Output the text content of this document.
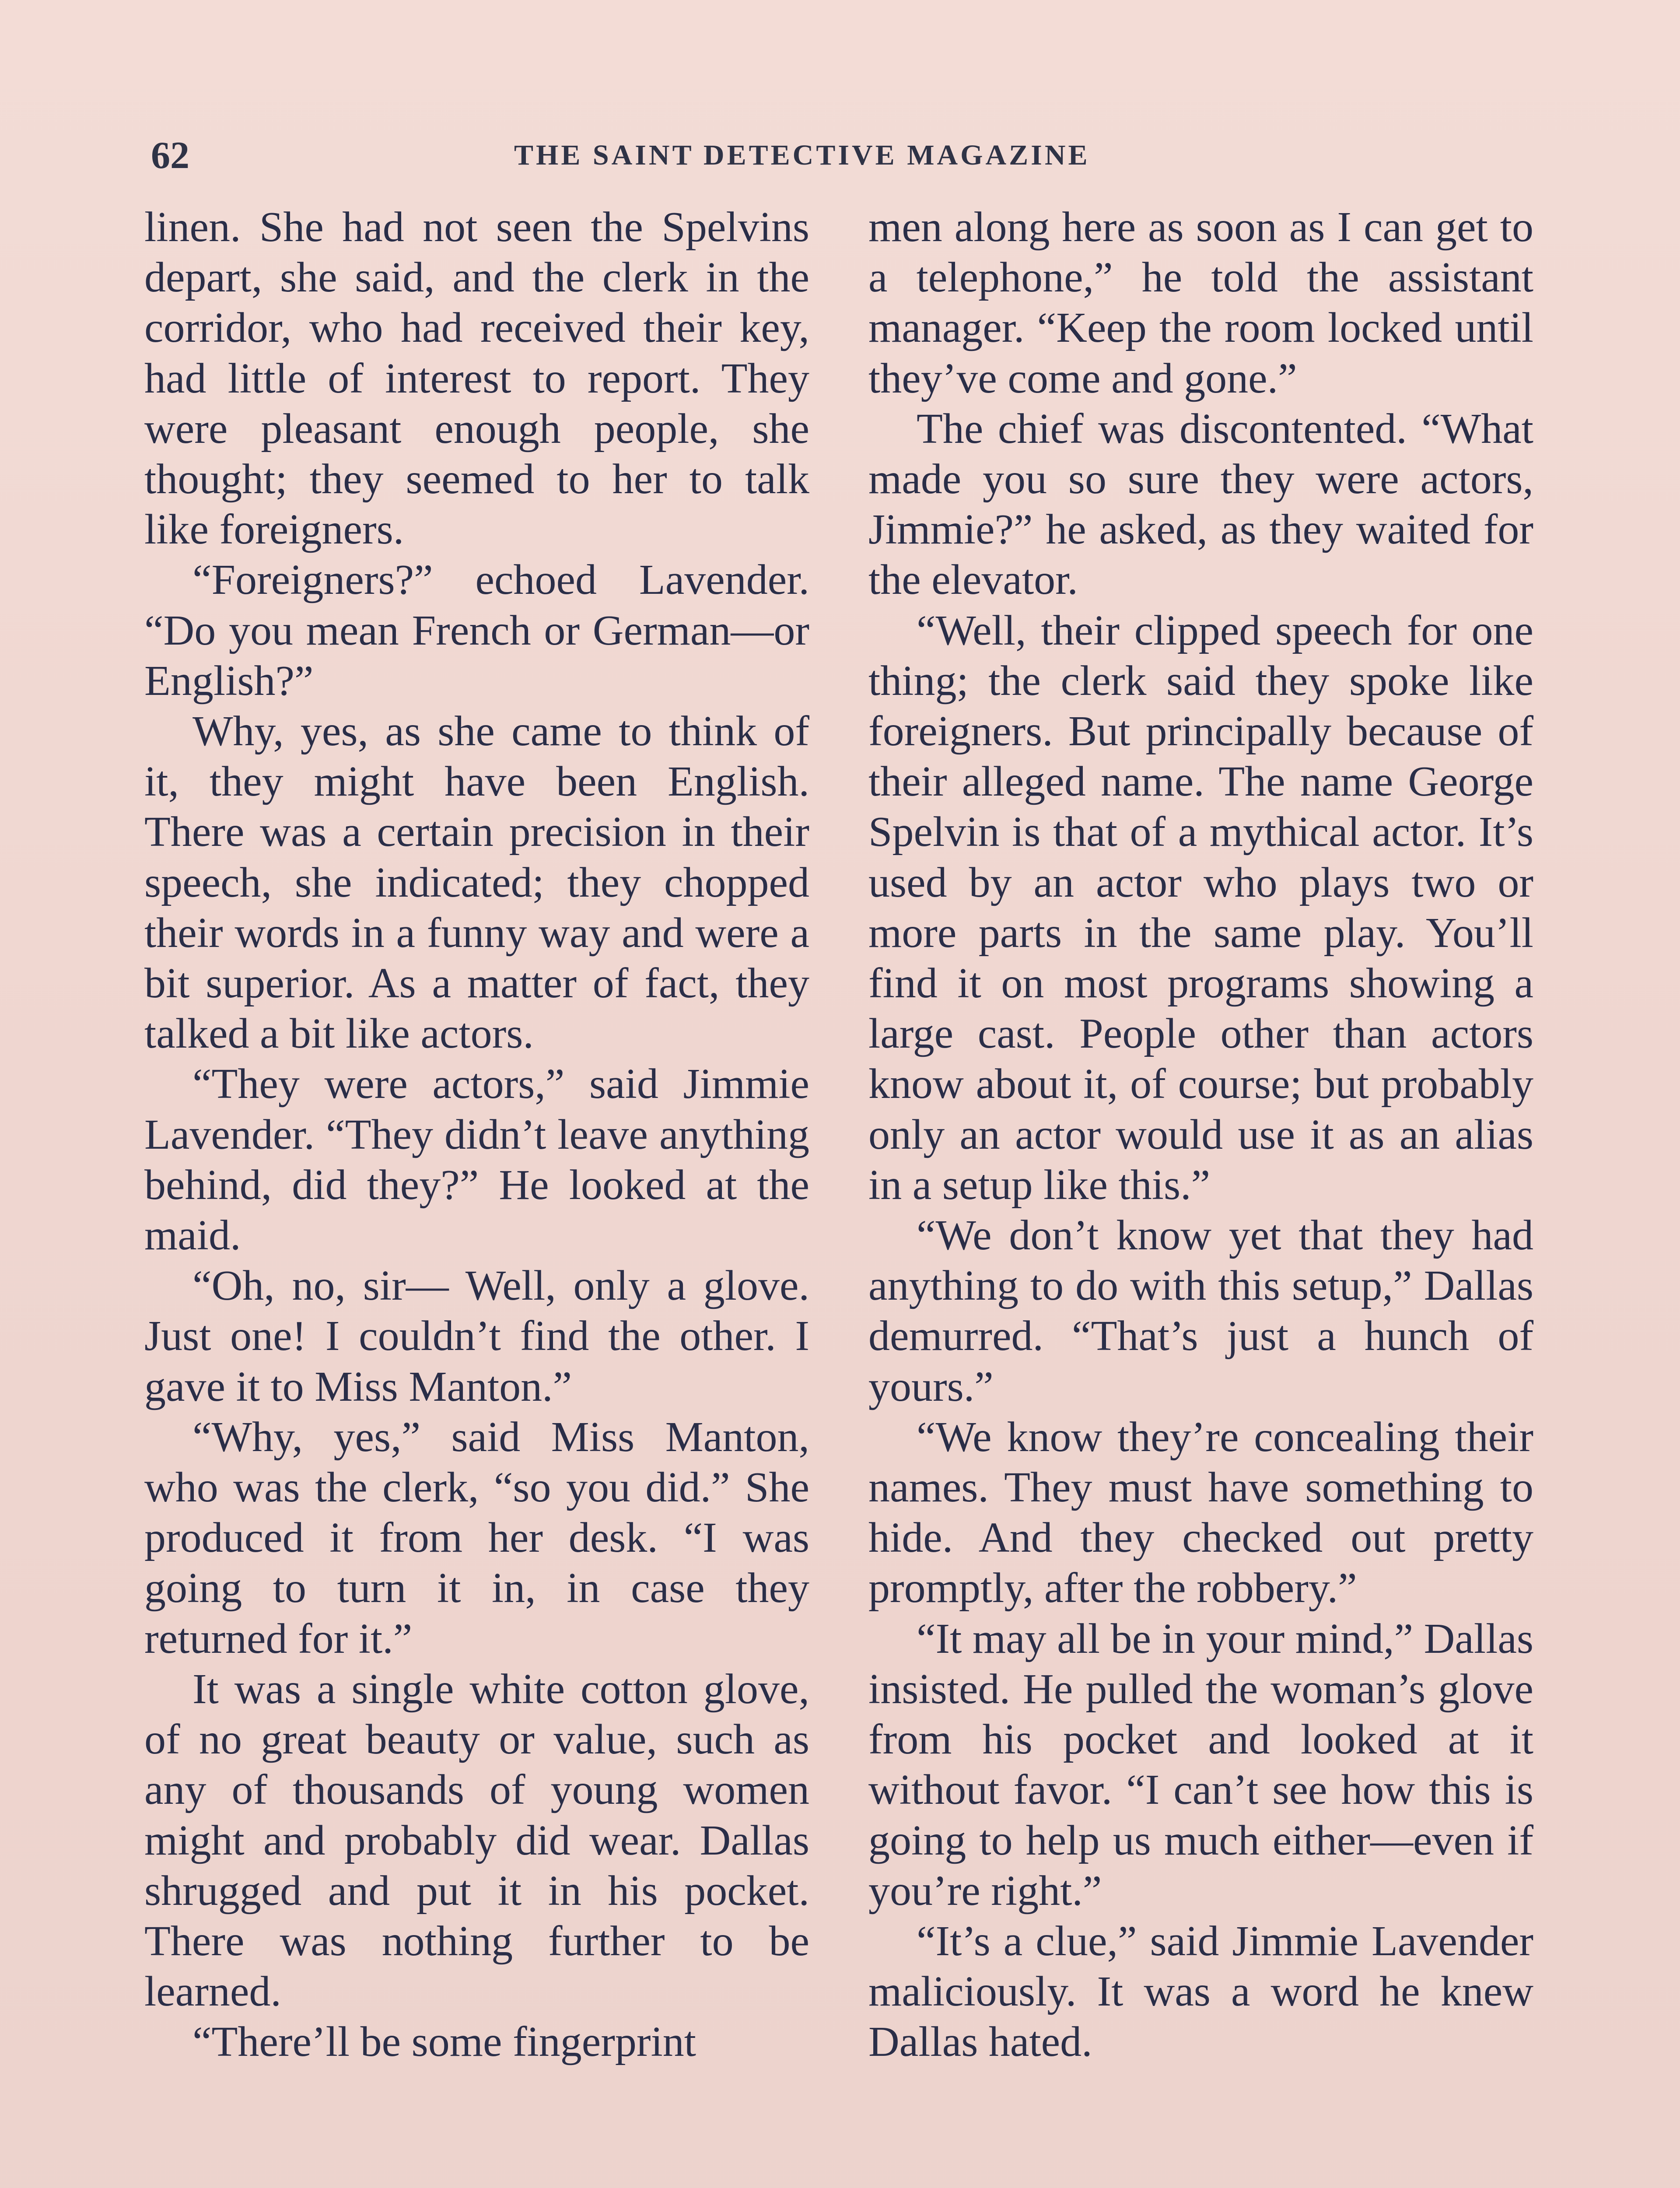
62	THE SAINT DETECTIVE MAGAZINE

linen. She had not seen the Spelvins depart, she said, and the clerk in the corridor, who had received their key, had little of interest to report. They were pleasant enough people, she thought; they seemed to her to talk like foreigners.

“Foreigners?” echoed Lavender. “Do you mean French or German—or English?”

Why, yes, as she came to think of it, they might have been English. There was a certain precision in their speech, she indicated; they chopped their words in a funny way and were a bit superior. As a matter of fact, they talked a bit like actors.

“They were actors,” said Jimmie Lavender. “They didn’t leave anything behind, did they?” He looked at the maid.

“Oh, no, sir— Well, only a glove. Just one! I couldn’t find the other. I gave it to Miss Manton.”

“Why, yes,” said Miss Manton, who was the clerk, “so you did.” She produced it from her desk. “I was going to turn it in, in case they returned for it.”

It was a single white cotton glove, of no great beauty or value, such as any of thousands of young women might and probably did wear. Dallas shrugged and put it in his pocket. There was nothing further to be learned.

“There’ll be some fingerprint

men along here as soon as I can get to a telephone,” he told the assistant manager. “Keep the room locked until they’ve come and gone.”

The chief was discontented. “What made you so sure they were actors, Jimmie?” he asked, as they waited for the elevator.

“Well, their clipped speech for one thing; the clerk said they spoke like foreigners. But principally because of their alleged name. The name George Spelvin is that of a mythical actor. It’s used by an actor who plays two or more parts in the same play. You’ll find it on most programs showing a large cast. People other than actors know about it, of course; but probably only an actor would use it as an alias in a setup like this.”

“We don’t know yet that they had anything to do with this setup,” Dallas demurred. “That’s just a hunch of yours.”

“We know they’re concealing their names. They must have something to hide. And they checked out pretty promptly, after the robbery.”

“It may all be in your mind,” Dallas insisted. He pulled the woman’s glove from his pocket and looked at it without favor. “I can’t see how this is going to help us much either—even if you’re right.”

“It’s a clue,” said Jimmie Lavender maliciously. It was a word he knew Dallas hated.
